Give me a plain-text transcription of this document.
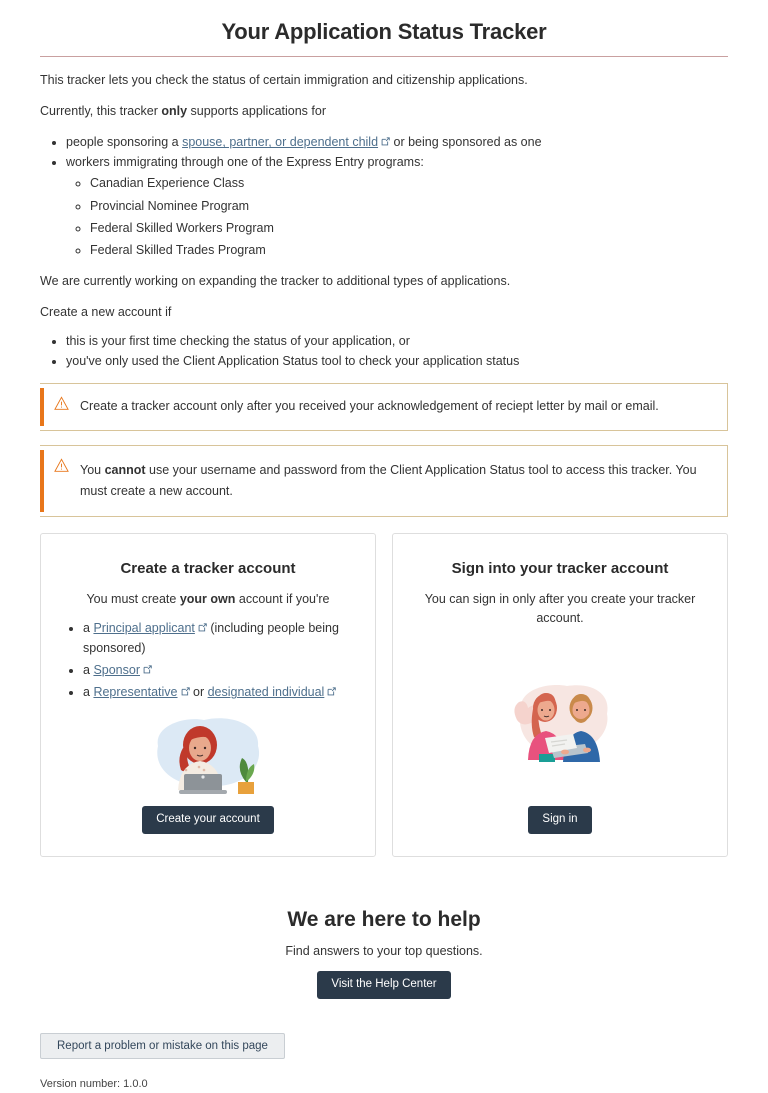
Your Application Status Tracker

This tracker lets you check the status of certain immigration and citizenship applications.

Currently, this tracker only supports applications for

• people sponsoring a spouse, partner, or dependent child
or being sponsored as one
• workers immigrating through one of the Express Entry programs:
◦ Canadian Experience Class
◦ Provincial Nominee Program
◦ Federal Skilled Workers Program
◦ Federal Skilled Trades Program

We are currently working on expanding the tracker to additional types of applications.

Create a new account if

• this is your first time checking the status of your application, or
• you've only used the Client Application Status tool to check your application status

Create a tracker account only after you received your acknowledgement of reciept letter by mail or email.

You cannot use your username and password from the Client Application Status tool to access this tracker. You must create a new account.

Create a tracker account

You must create your own account if you're

• a Principal applicant
(including people being sponsored)
• a Sponsor
• a Representative
or designated individual
Create your account
Sign into your tracker account

You can sign in only after you create your tracker account.

Sign in
We are here to help

Find answers to your top questions.

Visit the Help Center
Report a problem or mistake on this page

Version number: 1.0.0
